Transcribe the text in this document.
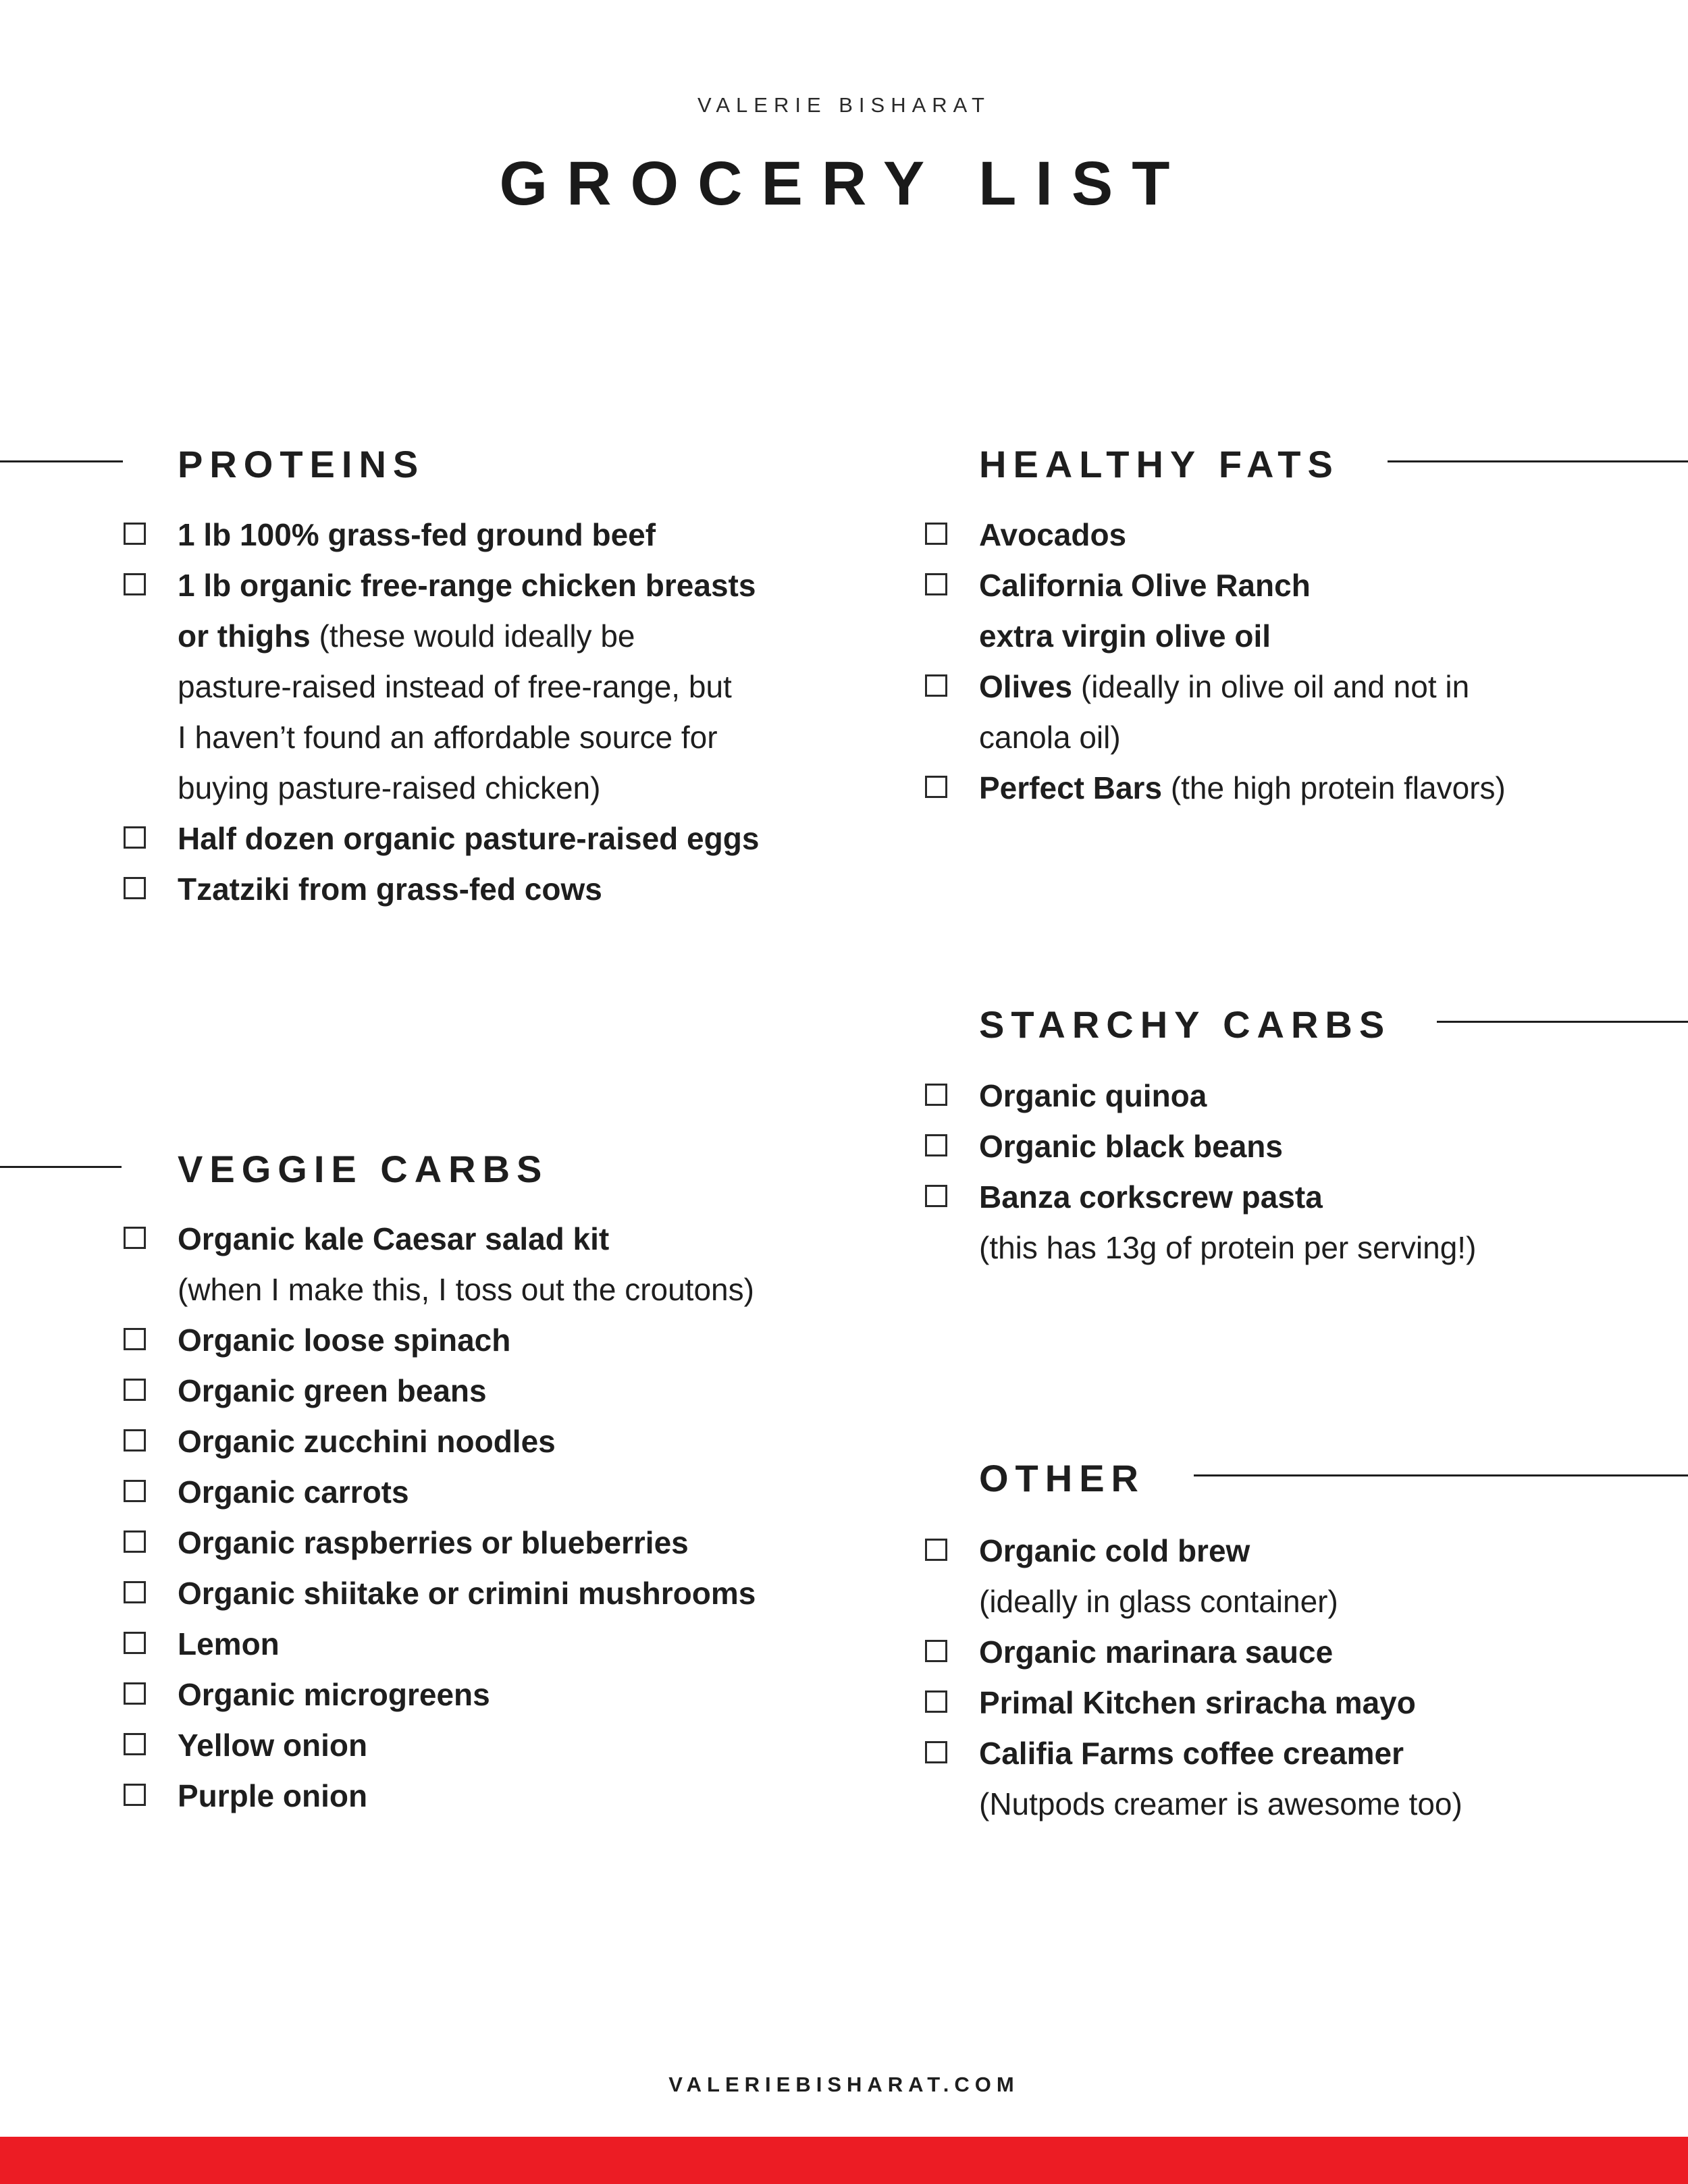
VALERIE BISHARAT
GROCERY LIST
PROTEINS
1 lb 100% grass-fed ground beef
1 lb organic free-range chicken breasts
or thighs (these would ideally be
pasture-raised instead of free-range, but
I haven’t found an affordable source for
buying pasture-raised chicken)
Half dozen organic pasture-raised eggs
Tzatziki from grass-fed cows
VEGGIE CARBS
Organic kale Caesar salad kit
(when I make this, I toss out the croutons)
Organic loose spinach
Organic green beans
Organic zucchini noodles
Organic carrots
Organic raspberries or blueberries
Organic shiitake or crimini mushrooms
Lemon
Organic microgreens
Yellow onion
Purple onion
HEALTHY FATS
Avocados
California Olive Ranch
extra virgin olive oil
Olives (ideally in olive oil and not in
canola oil)
Perfect Bars (the high protein flavors)
STARCHY CARBS
Organic quinoa
Organic black beans
Banza corkscrew pasta
(this has 13g of protein per serving!)
OTHER
Organic cold brew
(ideally in glass container)
Organic marinara sauce
Primal Kitchen sriracha mayo
Califia Farms coffee creamer
(Nutpods creamer is awesome too)
VALERIEBISHARAT.COM
